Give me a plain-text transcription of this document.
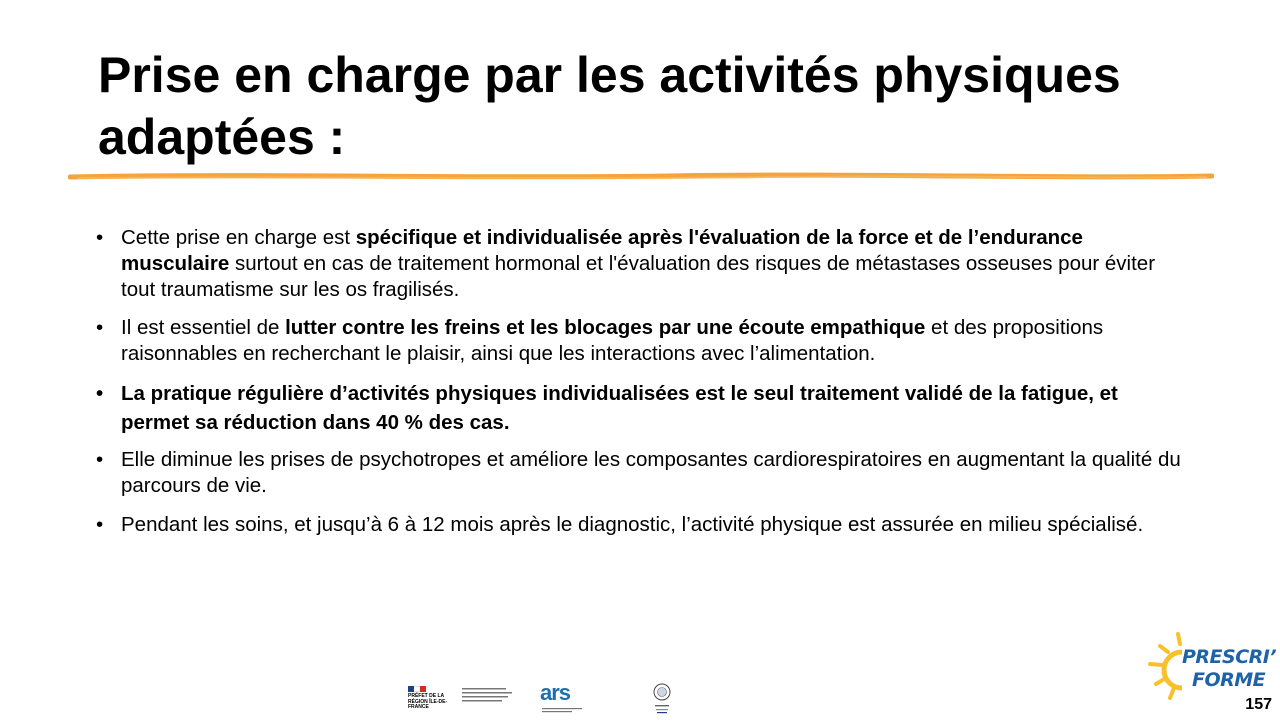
Prise en charge par les activités physiques adaptées :
• Cette prise en charge est spécifique et individualisée après l'évaluation de la force et de l’endurance musculaire surtout en cas de traitement hormonal et l'évaluation des risques de métastases osseuses pour éviter tout traumatisme sur les os fragilisés.
• Il est essentiel de lutter contre les freins et les blocages par une écoute empathique et des propositions raisonnables en recherchant le plaisir, ainsi que les interactions avec l’alimentation.
• La pratique régulière d’activités physiques individualisées est le seul traitement validé de la fatigue, et permet sa réduction dans 40 % des cas.
• Elle diminue les prises de psychotropes et améliore les composantes cardiorespiratoires en augmentant la qualité du parcours de vie.
• Pendant les soins, et jusqu’à 6 à 12 mois après le diagnostic, l’activité physique est assurée en milieu spécialisé.
PRÉFET DE LA RÉGION ÎLE-DE-FRANCE
ars
PRESCRI’
FORME
157
